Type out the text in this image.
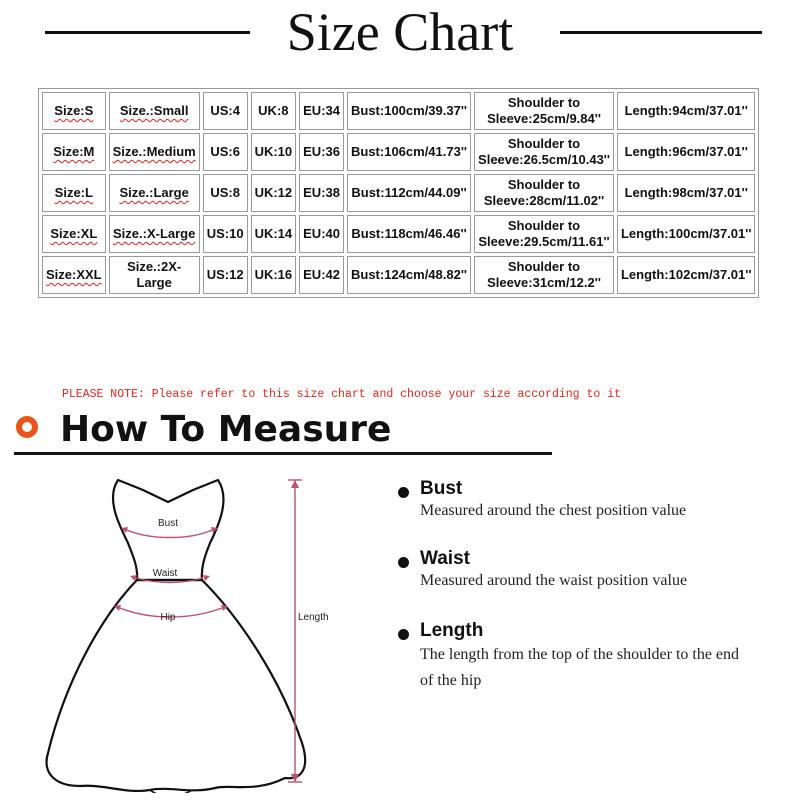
Size Chart
Size:S	Size.:Small	US:4	UK:8	EU:34	Bust:100cm/39.37''	Shoulder to
Sleeve:25cm/9.84''	Length:94cm/37.01''
Size:M	Size.:Medium	US:6	UK:10	EU:36	Bust:106cm/41.73''	Shoulder to
Sleeve:26.5cm/10.43''	Length:96cm/37.01''
Size:L	Size.:Large	US:8	UK:12	EU:38	Bust:112cm/44.09''	Shoulder to
Sleeve:28cm/11.02''	Length:98cm/37.01''
Size:XL	Size.:X-Large	US:10	UK:14	EU:40	Bust:118cm/46.46''	Shoulder to
Sleeve:29.5cm/11.61''	Length:100cm/37.01''
Size:XXL	Size.:2X-
Large	US:12	UK:16	EU:42	Bust:124cm/48.82''	Shoulder to
Sleeve:31cm/12.2''	Length:102cm/37.01''
PLEASE NOTE: Please refer to this size chart and choose your size according to it
How To Measure
Bust
Waist
Hip	Length
Bust
Measured around the chest position value
Waist
Measured around the waist position value
Length
The length from the top of the shoulder to the end of the hip
